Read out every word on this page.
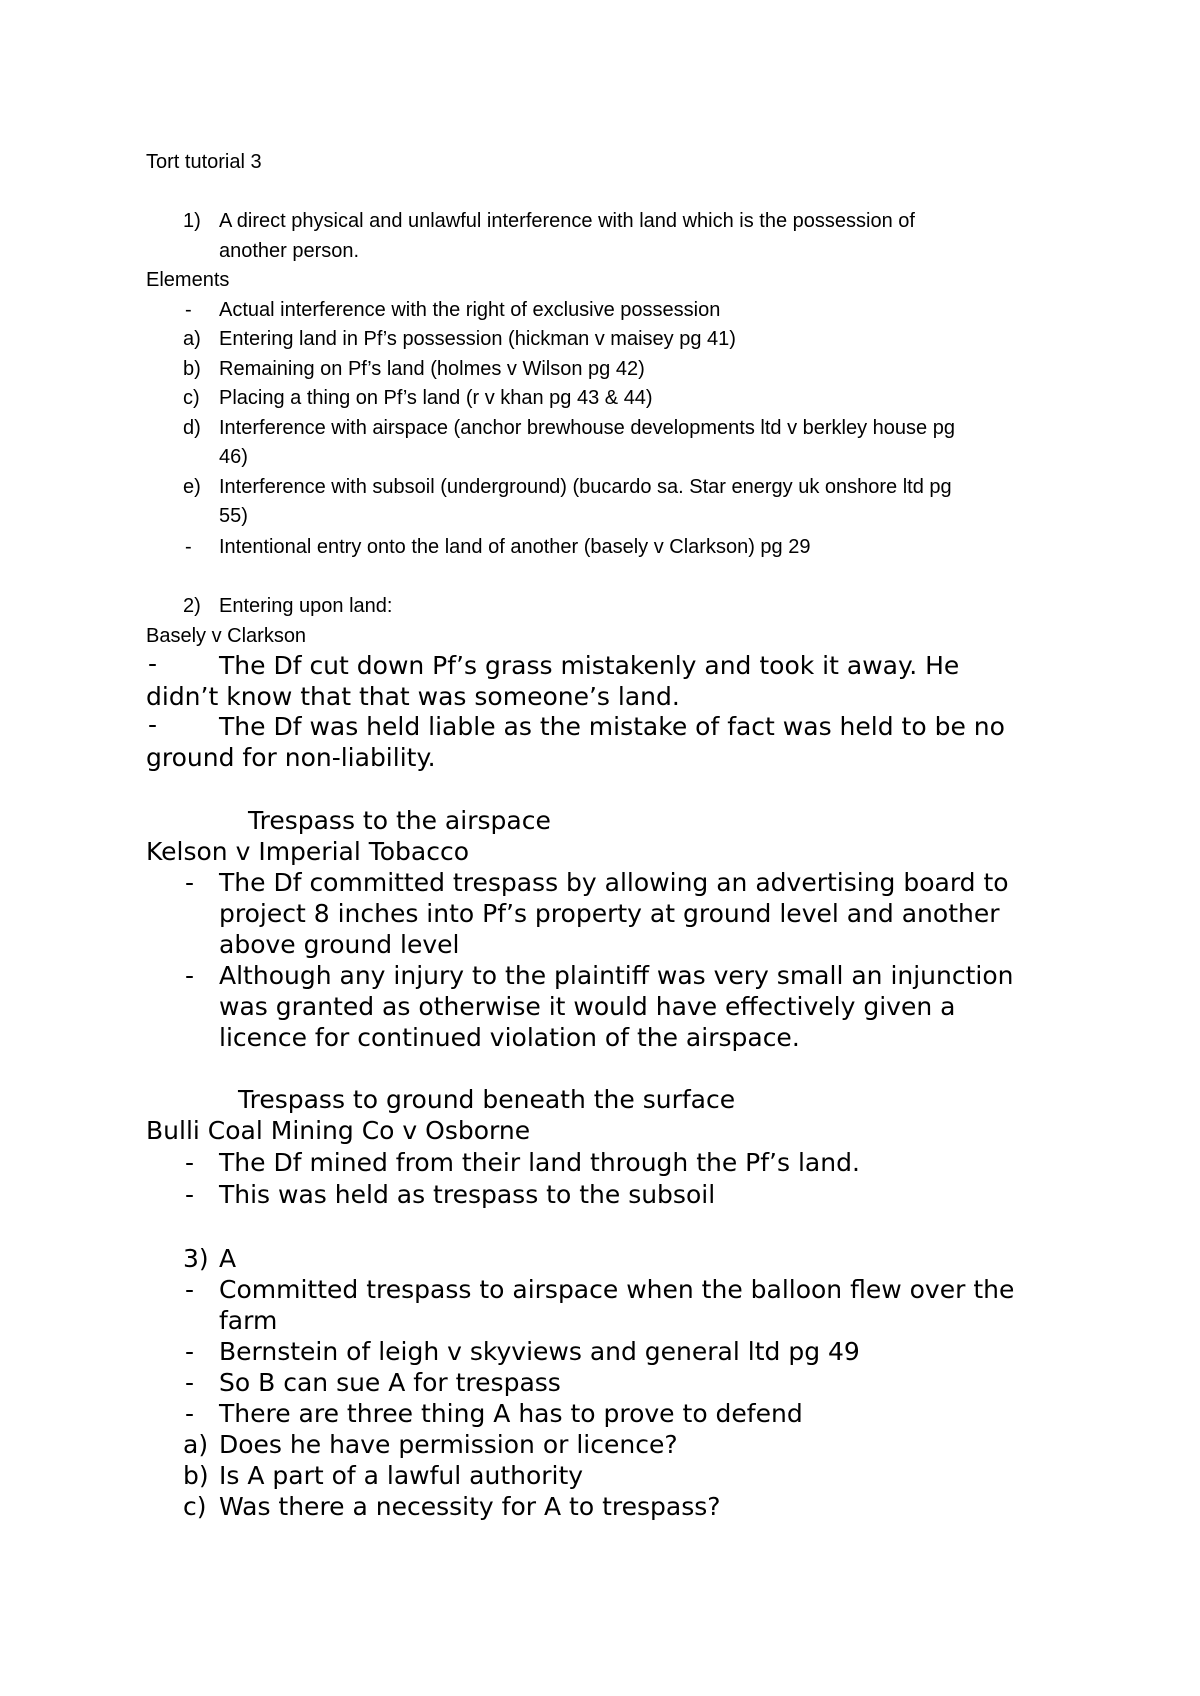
Tort tutorial 3
1) A direct physical and unlawful interference with land which is the possession of
another person.
Elements
- Actual interference with the right of exclusive possession
a) Entering land in Pf’s possession (hickman v maisey pg 41)
b) Remaining on Pf’s land (holmes v Wilson pg 42)
c) Placing a thing on Pf’s land (r v khan pg 43 & 44)
d) Interference with airspace (anchor brewhouse developments ltd v berkley house pg
46)
e) Interference with subsoil (underground) (bucardo sa. Star energy uk onshore ltd pg
55)
- Intentional entry onto the land of another (basely v Clarkson) pg 29
2) Entering upon land:
Basely v Clarkson
- The Df cut down Pf’s grass mistakenly and took it away. He
didn’t know that that was someone’s land.
- The Df was held liable as the mistake of fact was held to be no
ground for non-liability.
Trespass to the airspace
Kelson v Imperial Tobacco
- The Df committed trespass by allowing an advertising board to
project 8 inches into Pf’s property at ground level and another
above ground level
- Although any injury to the plaintiff was very small an injunction
was granted as otherwise it would have effectively given a
licence for continued violation of the airspace.
Trespass to ground beneath the surface
Bulli Coal Mining Co v Osborne
- The Df mined from their land through the Pf’s land.
- This was held as trespass to the subsoil
3) A
- Committed trespass to airspace when the balloon flew over the
farm
- Bernstein of leigh v skyviews and general ltd pg 49
- So B can sue A for trespass
- There are three thing A has to prove to defend
a) Does he have permission or licence?
b) Is A part of a lawful authority
c) Was there a necessity for A to trespass?
